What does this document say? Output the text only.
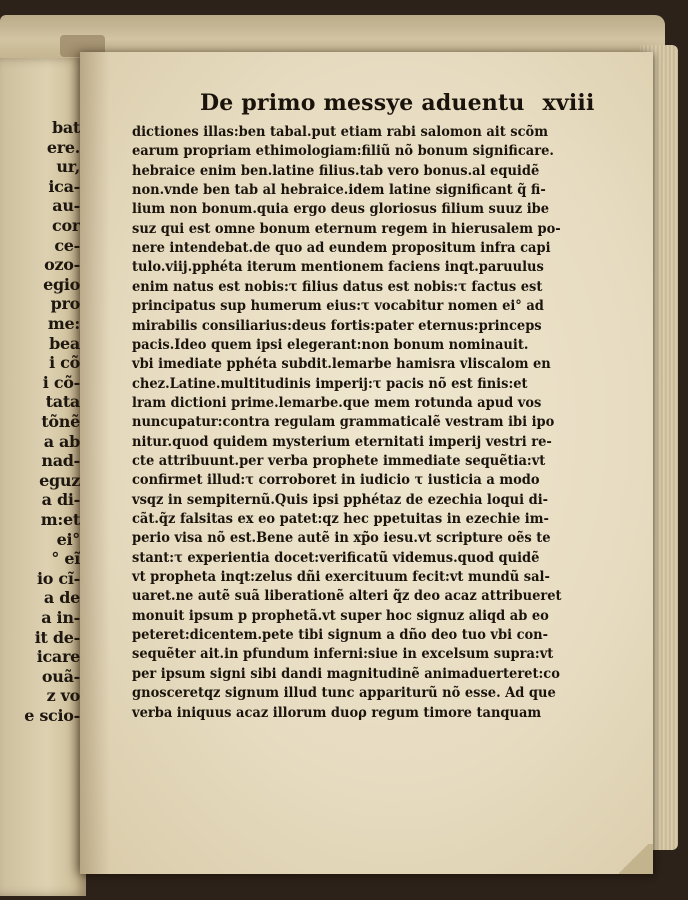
bat
ere.
ur,
ica-
au-
cor
ce-
ozo-
egio
pro
me:
bea
i cõ
i cõ-
tata
tõnẽ
a ab
nad-
eguz
a di-
m:et
ei°
° eĩ
io cĩ-
a de
a in-
it de-
icare
ouã-
z vo
e scio-
De primo messye aduentu xviii
dictiones illas:ben tabal.put etiam rabi salomon ait scõm
earum propriam ethimologiam:filiũ nõ bonum significare.
hebraice enim ben.latine filius.tab vero bonus.al equidẽ
non.vnde ben tab al hebraice.idem latine significant q̃ fi-
lium non bonum.quia ergo deus gloriosus filium suuz ibe
suz qui est omne bonum eternum regem in hierusalem po-
nere intendebat.de quo ad eundem propositum infra capi
tulo.viij.pphéta iterum mentionem faciens inqt.paruulus
enim natus est nobis:τ filius datus est nobis:τ factus est
principatus sup humerum eius:τ vocabitur nomen ei° ad
mirabilis consiliarius:deus fortis:pater eternus:princeps
pacis.Ideo quem ipsi elegerant:non bonum nominauit.
vbi imediate pphéta subdit.lemarbe hamisra vliscalom en
chez.Latine.multitudinis imperij:τ pacis nõ est finis:et
lram dictioni prime.lemarbe.que mem rotunda apud vos
nuncupatur:contra regulam grammaticalẽ vestram ibi ipo
nitur.quod quidem mysterium eternitati imperij vestri re-
cte attribuunt.per verba prophete immediate sequẽtia:vt
confirmet illud:τ corroboret in iudicio τ iusticia a modo
vsqz in sempiternũ.Quis ipsi pphétaz de ezechia loqui di-
cãt.q̃z falsitas ex eo patet:qz hec ppetuitas in ezechie im-
perio visa nõ est.Bene autẽ in xp̃o iesu.vt scripture oẽs te
stant:τ experientia docet:verificatũ videmus.quod quidẽ
vt propheta inqt:zelus dñi exercituum fecit:vt mundũ sal-
uaret.ne autẽ suã liberationẽ alteri q̃z deo acaz attribueret
monuit ipsum p prophetã.vt super hoc signuz aliqd ab eo
peteret:dicentem.pete tibi signum a dño deo tuo vbi con-
sequẽter ait.in pfundum inferni:siue in excelsum supra:vt
per ipsum signi sibi dandi magnitudinẽ animaduerteret:co
gnosceretqz signum illud tunc appariturũ nõ esse. Ad que
verba iniquus acaz illorum duoρ regum timore tanquam
